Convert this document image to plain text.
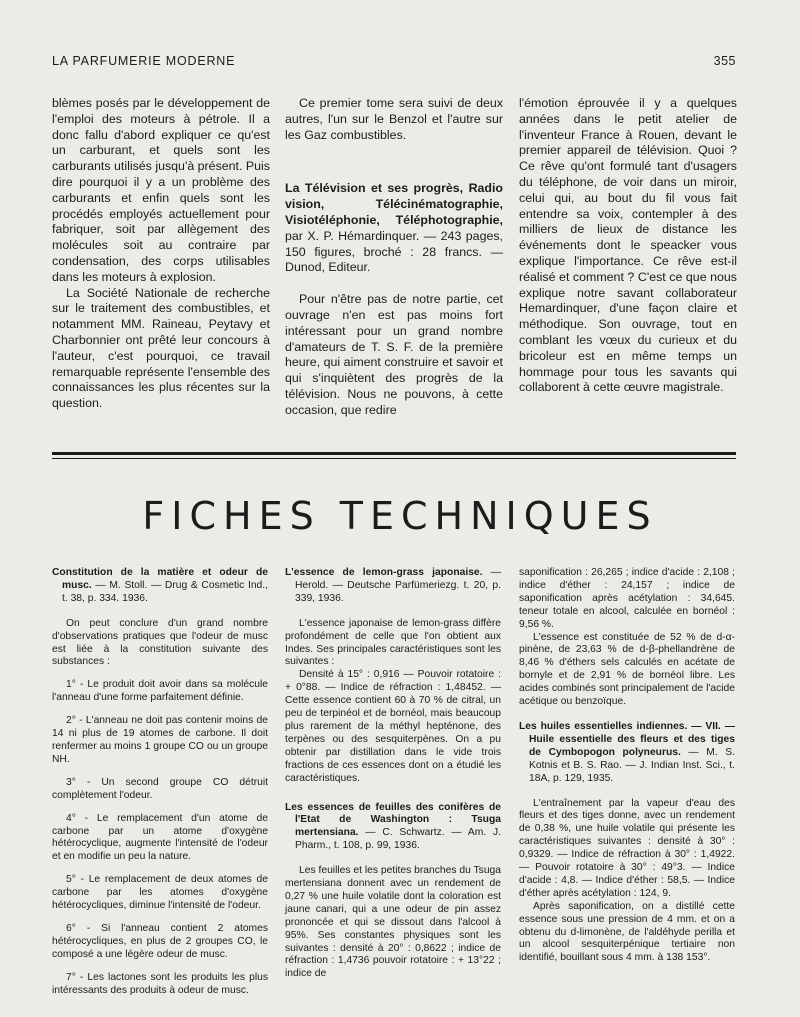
LA PARFUMERIE MODERNE	355

blèmes posés par le développement de l'emploi des moteurs à pétrole. Il a donc fallu d'abord expliquer ce qu'est un carburant, et quels sont les carburants utilisés jusqu'à présent. Puis dire pourquoi il y a un problème des carburants et enfin quels sont les procédés employés actuellement pour fabriquer, soit par allègement des molécules soit au contraire par condensation, des corps utilisables dans les moteurs à explosion.

La Société Nationale de recherche sur le traitement des combustibles, et notamment MM. Raineau, Peytavy et Charbonnier ont prêté leur concours à l'auteur, c'est pourquoi, ce travail remarquable représente l'ensemble des connaissances les plus récentes sur la question.

Ce premier tome sera suivi de deux autres, l'un sur le Benzol et l'autre sur les Gaz combustibles.

La Télévision et ses progrès, Radio vision, Télécinématographie, Visiotéléphonie, Téléphotographie, par X. P. Hémardinquer. — 243 pages, 150 figures, broché : 28 francs. — Dunod, Editeur.

Pour n'être pas de notre partie, cet ouvrage n'en est pas moins fort intéressant pour un grand nombre d'amateurs de T. S. F. de la première heure, qui aiment construire et savoir et qui s'inquiètent des progrès de la télévision. Nous ne pouvons, à cette occasion, que redire

l'émotion éprouvée il y a quelques années dans le petit atelier de l'inventeur France à Rouen, devant le premier appareil de télévision. Quoi ? Ce rêve qu'ont formulé tant d'usagers du téléphone, de voir dans un miroir, celui qui, au bout du fil vous fait entendre sa voix, contempler à des milliers de lieux de distance les événements dont le speacker vous explique l'importance. Ce rêve est-il réalisé et comment ? C'est ce que nous explique notre savant collaborateur Hemardinquer, d'une façon claire et méthodique. Son ouvrage, tout en comblant les vœux du curieux et du bricoleur est en même temps un hommage pour tous les savants qui collaborent à cette œuvre magistrale.

FICHES TECHNIQUES

Constitution de la matière et odeur de musc. — M. Stoll. — Drug & Cosmetic Ind., t. 38, p. 334. 1936.

On peut conclure d'un grand nombre d'observations pratiques que l'odeur de musc est liée à la constitution suivante des substances :

1° - Le produit doit avoir dans sa molécule l'anneau d'une forme parfaitement définie.

2° - L'anneau ne doit pas contenir moins de 14 ni plus de 19 atomes de carbone. Il doit renfermer au moins 1 groupe CO ou un groupe NH.

3° - Un second groupe CO détruit complètement l'odeur.

4° - Le remplacement d'un atome de carbone par un atome d'oxygène hétérocyclique, augmente l'intensité de l'odeur et en modifie un peu la nature.

5° - Le remplacement de deux atomes de carbone par les atomes d'oxygène hétérocycliques, diminue l'intensité de l'odeur.

6° - Si l'anneau contient 2 atomes hétérocycliques, en plus de 2 groupes CO, le composé a une légère odeur de musc.

7° - Les lactones sont les produits les plus intéressants des produits à odeur de musc.

L'essence de lemon-grass japonaise. — Herold. — Deutsche Parfümeriezg. t. 20, p. 339, 1936.

L'essence japonaise de lemon-grass diffère profondément de celle que l'on obtient aux Indes. Ses principales caractéristiques sont les suivantes :

Densité à 15° : 0,916 — Pouvoir rotatoire : + 0°88. — Indice de réfraction : 1,48452. — Cette essence contient 60 à 70 % de citral, un peu de terpinéol et de bornéol, mais beaucoup plus rarement de la méthyl hepténone, des terpènes ou des sesquiterpènes. On a pu obtenir par distillation dans le vide trois fractions de ces essences dont on a étudié les caractéristiques.

Les essences de feuilles des conifères de l'Etat de Washington : Tsuga mertensiana. — C. Schwartz. — Am. J. Pharm., t. 108, p. 99, 1936.

Les feuilles et les petites branches du Tsuga mertensiana donnent avec un rendement de 0,27 % une huile volatile dont la coloration est jaune canari, qui a une odeur de pin assez prononcée et qui se dissout dans l'alcool à 95%. Ses constantes physiques sont les suivantes : densité à 20° : 0,8622 ; indice de réfraction : 1,4736 pouvoir rotatoire : + 13°22 ; indice de

saponification : 26,265 ; indice d'acide : 2,108 ; indice d'éther : 24,157 ; indice de saponification après acétylation : 34,645. teneur totale en alcool, calculée en bornéol : 9,56 %.

L'essence est constituée de 52 % de d-α-pinène, de 23,63 % de d-β-phellandrène de 8,46 % d'éthers sels calculés en acétate de bornyle et de 2,91 % de bornéol libre. Les acides combinés sont principalement de l'acide acétique ou benzoïque.

Les huiles essentielles indiennes. — VII. — Huile essentielle des fleurs et des tiges de Cymbopogon polyneurus. — M. S. Kotnis et B. S. Rao. — J. Indian Inst. Sci., t. 18A, p. 129, 1935.

L'entraînement par la vapeur d'eau des fleurs et des tiges donne, avec un rendement de 0,38 %, une huile volatile qui présente les caractéristiques suivantes : densité à 30° : 0,9329. — Indice de réfraction à 30° : 1,4922. — Pouvoir rotatoire à 30° : 49°3. — Indice d'acide : 4,8. — Indice d'éther : 58,5. — Indice d'éther après acétylation : 124, 9.

Après saponification, on a distillé cette essence sous une pression de 4 mm. et on a obtenu du d-limonène, de l'aldéhyde perilla et un alcool sesquiterpénique tertiaire non identifié, bouillant sous 4 mm. à 138 153°.
